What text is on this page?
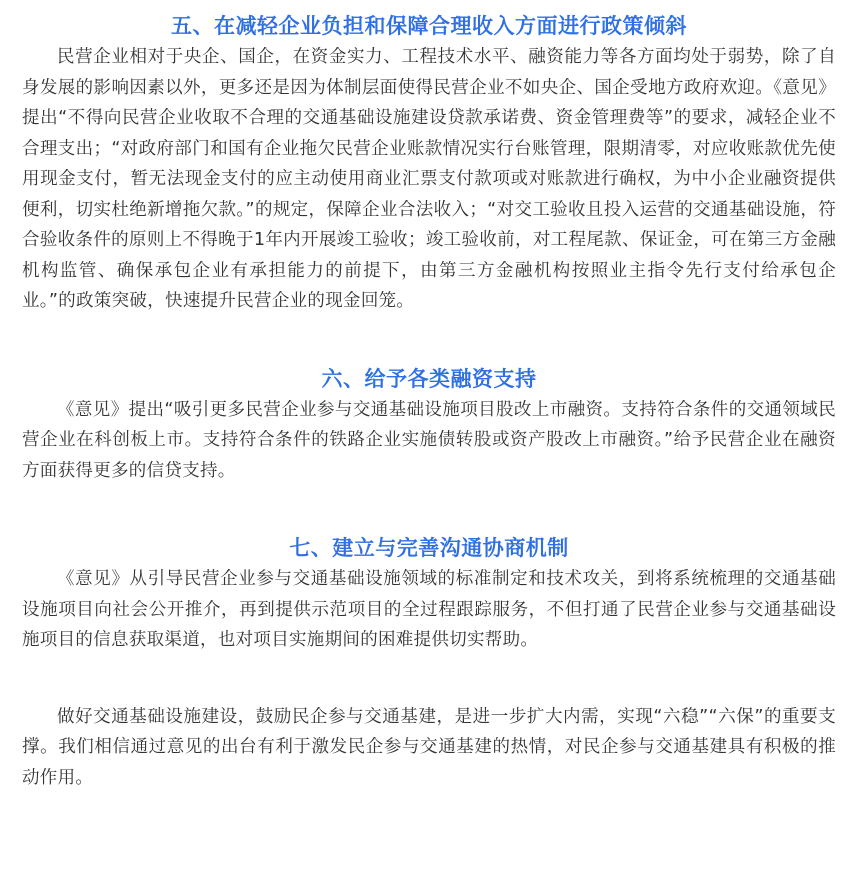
五、在减轻企业负担和保障合理收入方面进行政策倾斜

民营企业相对于央企、国企，在资金实力、工程技术水平、融资能力等各方面均处于弱势，除了自身发展的影响因素以外，更多还是因为体制层面使得民营企业不如央企、国企受地方政府欢迎。《意见》提出“不得向民营企业收取不合理的交通基础设施建设贷款承诺费、资金管理费等”的要求，减轻企业不合理支出；“对政府部门和国有企业拖欠民营企业账款情况实行台账管理，限期清零，对应收账款优先使用现金支付，暂无法现金支付的应主动使用商业汇票支付款项或对账款进行确权，为中小企业融资提供便利，切实杜绝新增拖欠款。”的规定，保障企业合法收入；“对交工验收且投入运营的交通基础设施，符合验收条件的原则上不得晚于1年内开展竣工验收；竣工验收前，对工程尾款、保证金，可在第三方金融机构监管、确保承包企业有承担能力的前提下，由第三方金融机构按照业主指令先行支付给承包企业。”的政策突破，快速提升民营企业的现金回笼。

六、给予各类融资支持

《意见》提出“吸引更多民营企业参与交通基础设施项目股改上市融资。支持符合条件的交通领域民营企业在科创板上市。支持符合条件的铁路企业实施债转股或资产股改上市融资。”给予民营企业在融资方面获得更多的信贷支持。

七、建立与完善沟通协商机制

《意见》从引导民营企业参与交通基础设施领域的标准制定和技术攻关，到将系统梳理的交通基础设施项目向社会公开推介，再到提供示范项目的全过程跟踪服务，不但打通了民营企业参与交通基础设施项目的信息获取渠道，也对项目实施期间的困难提供切实帮助。

做好交通基础设施建设，鼓励民企参与交通基建，是进一步扩大内需，实现“六稳”“六保”的重要支撑。我们相信通过意见的出台有利于激发民企参与交通基建的热情，对民企参与交通基建具有积极的推动作用。
